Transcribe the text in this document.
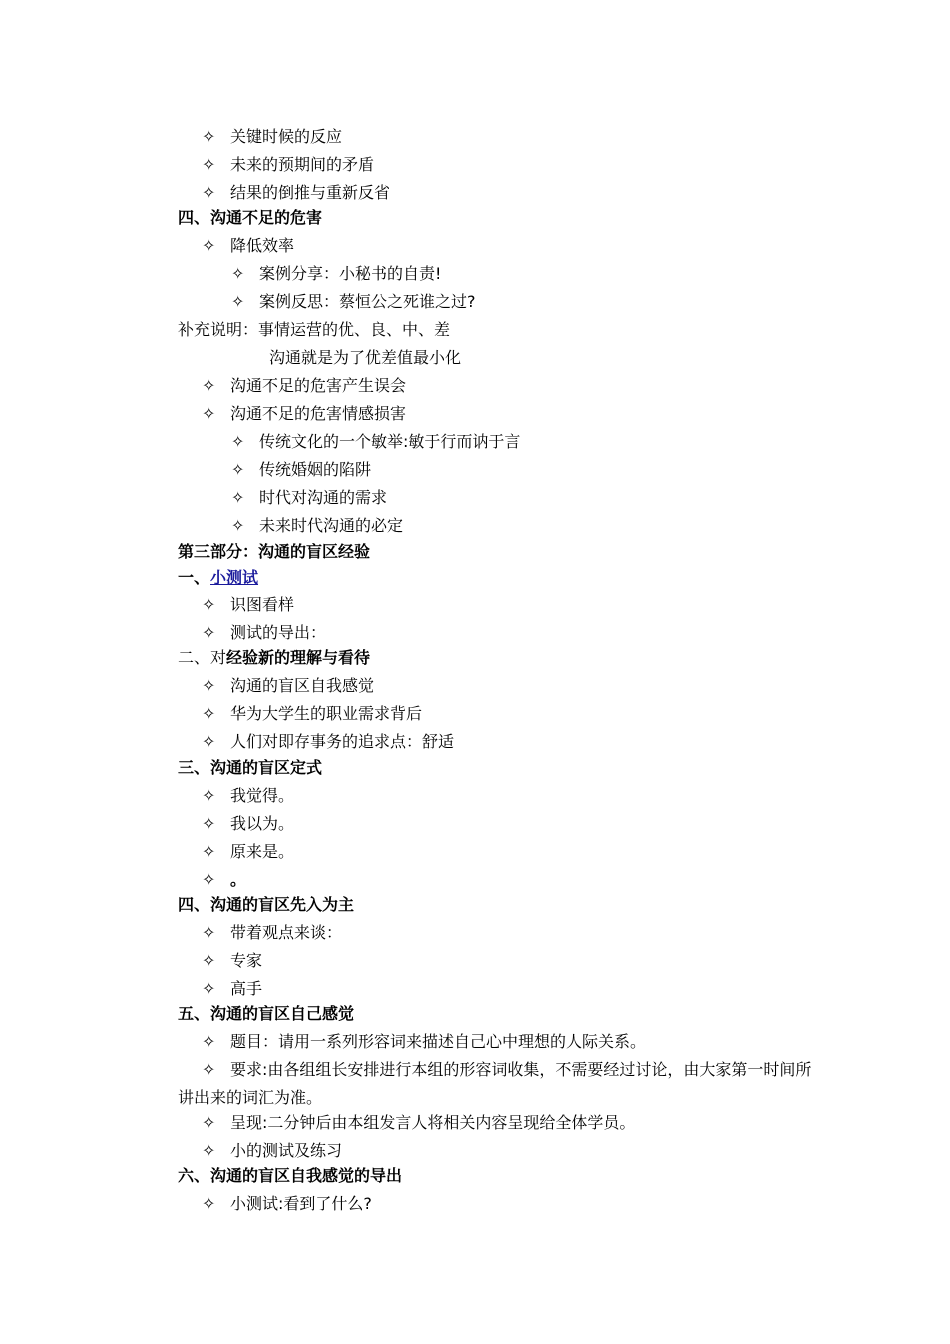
✧ 关键时候的反应
✧ 未来的预期间的矛盾
✧ 结果的倒推与重新反省
四、沟通不足的危害
✧ 降低效率
✧ 案例分享：小秘书的自责!
✧ 案例反思：蔡恒公之死谁之过?
补充说明：事情运营的优、良、中、差
沟通就是为了优差值最小化
✧ 沟通不足的危害产生误会
✧ 沟通不足的危害情感损害
✧ 传统文化的一个敏举:敏于行而讷于言
✧ 传统婚姻的陷阱
✧ 时代对沟通的需求
✧ 未来时代沟通的必定
第三部分：沟通的盲区经验
一、小测试
✧ 识图看样
✧ 测试的导出：
二、对经验新的理解与看待
✧ 沟通的盲区自我感觉
✧ 华为大学生的职业需求背后
✧ 人们对即存事务的追求点：舒适
三、沟通的盲区定式
✧ 我觉得。
✧ 我以为。
✧ 原来是。
✧ 。
四、沟通的盲区先入为主
✧ 带着观点来谈：
✧ 专家
✧ 高手
五、沟通的盲区自己感觉
✧ 题目：请用一系列形容词来描述自己心中理想的人际关系。
✧ 要求:由各组组长安排进行本组的形容词收集，不需要经过讨论，由大家第一时间所讲出来的词汇为准。
✧ 呈现:二分钟后由本组发言人将相关内容呈现给全体学员。
✧ 小的测试及练习
六、沟通的盲区自我感觉的导出
✧ 小测试:看到了什么?
